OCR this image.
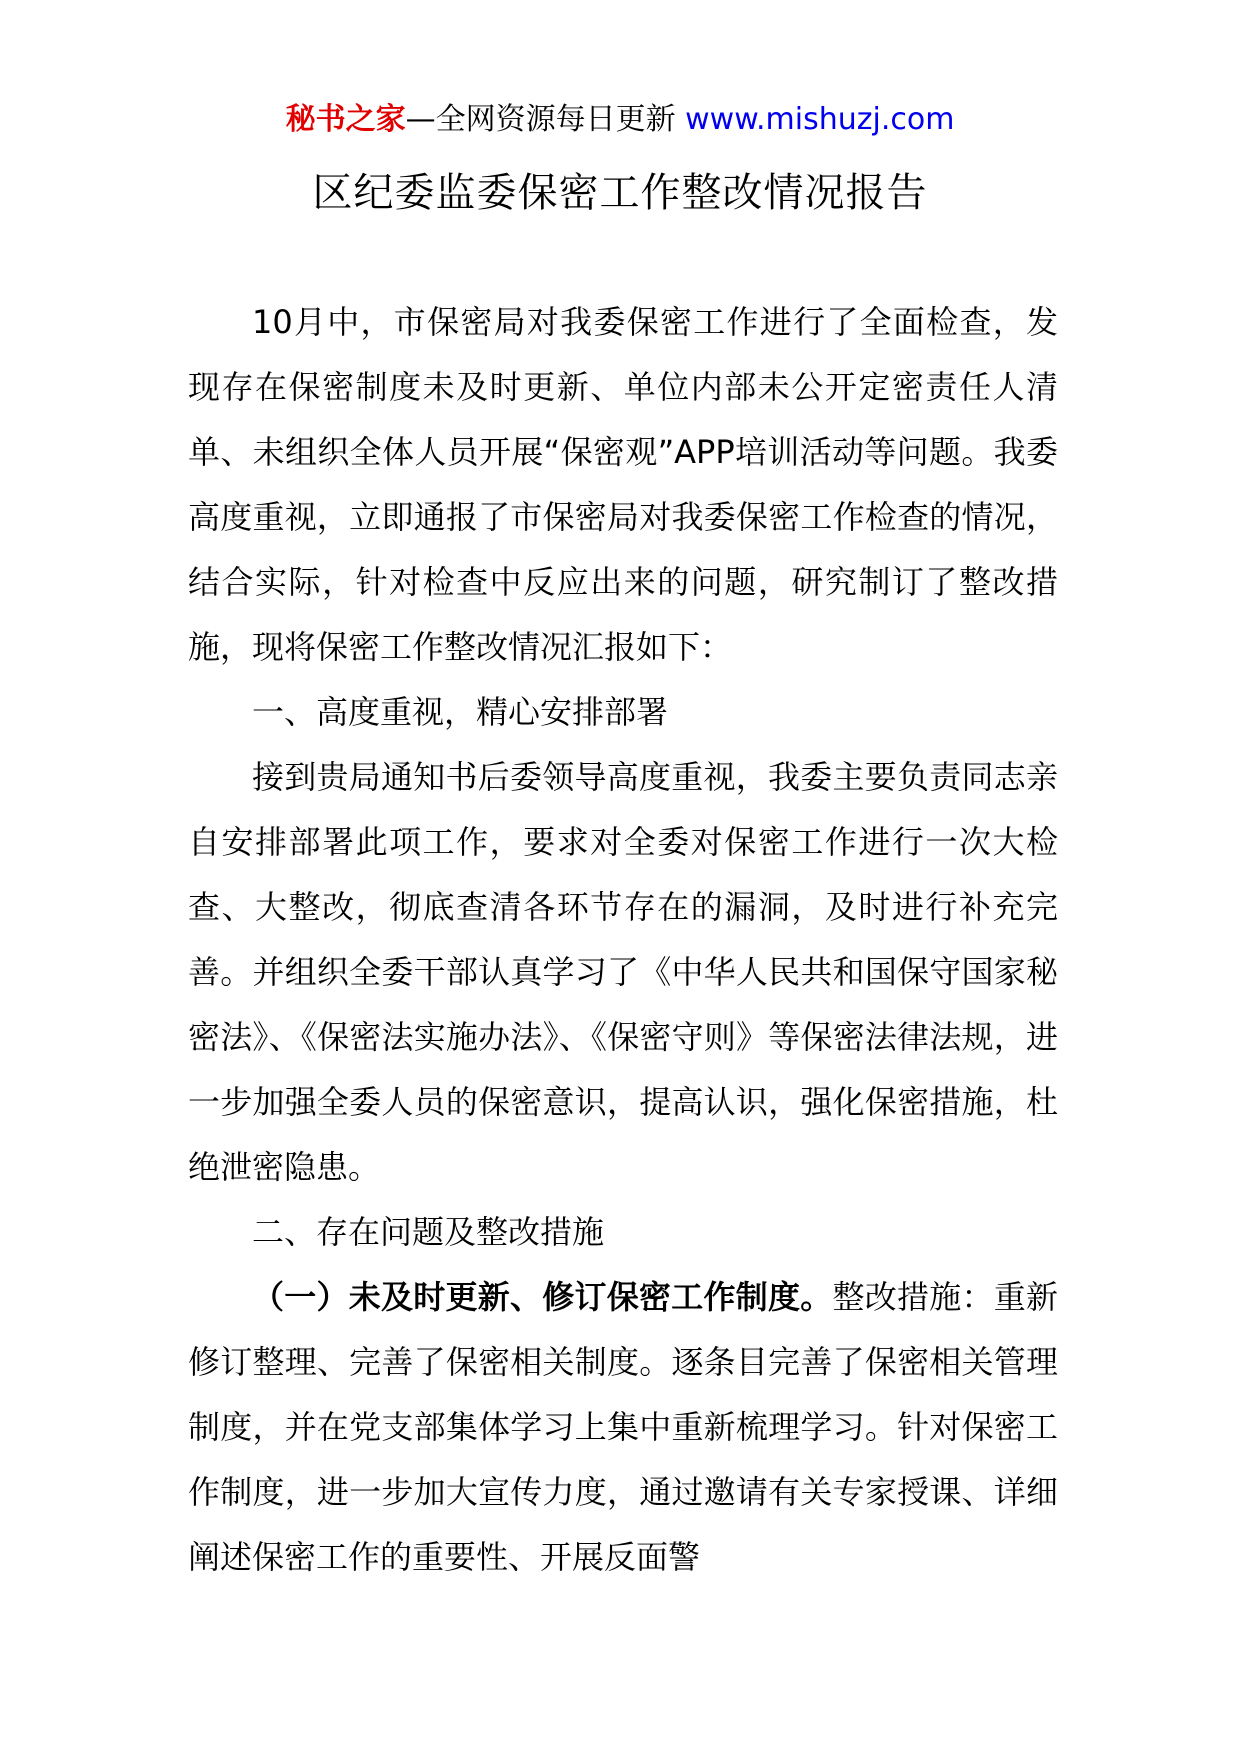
秘书之家—全网资源每日更新 www.mishuzj.com
区纪委监委保密工作整改情况报告

10月中，市保密局对我委保密工作进行了全面检查，发现存在保密制度未及时更新、单位内部未公开定密责任人清单、未组织全体人员开展“保密观”APP培训活动等问题。我委高度重视，立即通报了市保密局对我委保密工作检查的情况，结合实际，针对检查中反应出来的问题，研究制订了整改措施，现将保密工作整改情况汇报如下：

一、高度重视，精心安排部署

接到贵局通知书后委领导高度重视，我委主要负责同志亲自安排部署此项工作，要求对全委对保密工作进行一次大检查、大整改，彻底查清各环节存在的漏洞，及时进行补充完善。并组织全委干部认真学习了《中华人民共和国保守国家秘密法》、《保密法实施办法》、《保密守则》等保密法律法规，进一步加强全委人员的保密意识，提高认识，强化保密措施，杜绝泄密隐患。

二、存在问题及整改措施

（一）未及时更新、修订保密工作制度。整改措施：重新修订整理、完善了保密相关制度。逐条目完善了保密相关管理制度，并在党支部集体学习上集中重新梳理学习。针对保密工作制度，进一步加大宣传力度，通过邀请有关专家授课、详细阐述保密工作的重要性、开展反面警
